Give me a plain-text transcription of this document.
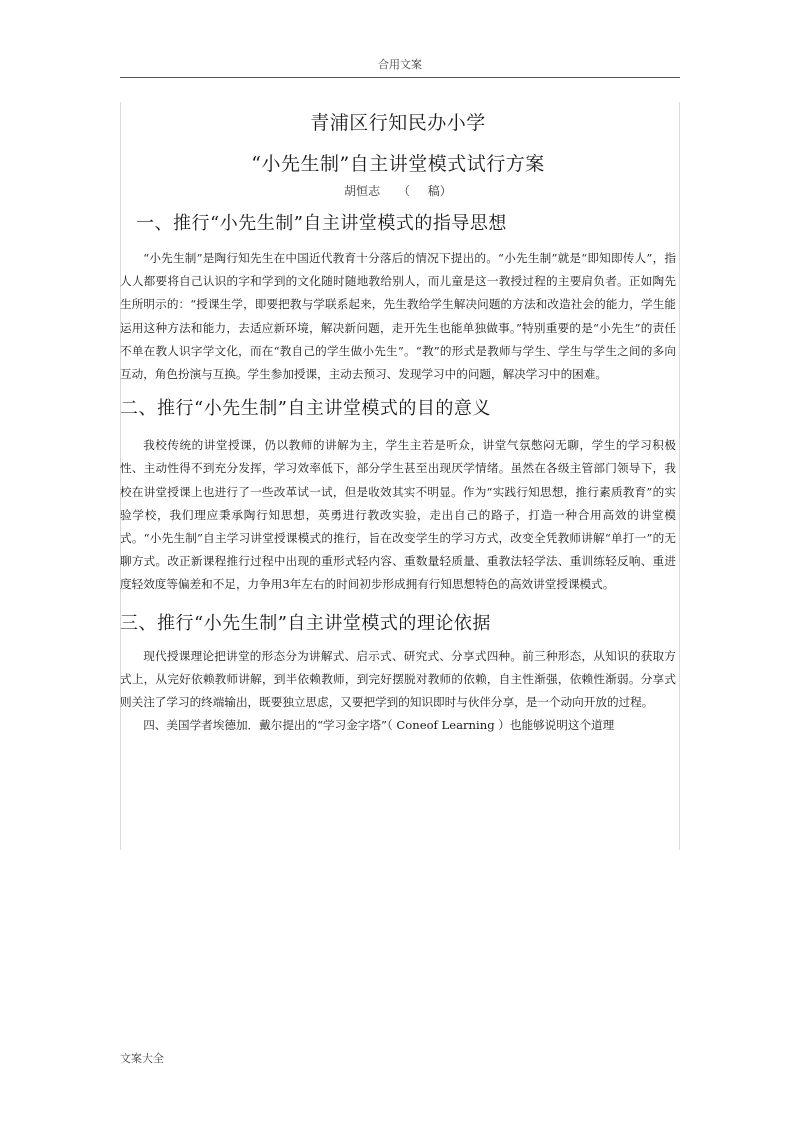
合用文案
青浦区行知民办小学
“小先生制”自主讲堂模式试行方案
胡恒志 （ 稿）
一、推行“小先生制”自主讲堂模式的指导思想

“小先生制”是陶行知先生在中国近代教育十分落后的情况下提出的。“小先生制”就是“即知即传人”，指人人都要将自己认识的字和学到的文化随时随地教给别人，而儿童是这一教授过程的主要肩负者。正如陶先生所明示的：“授课生学，即要把教与学联系起来，先生教给学生解决问题的方法和改造社会的能力，学生能运用这种方法和能力，去适应新环境，解决新问题，走开先生也能单独做事。”特别重要的是“小先生”的责任不单在教人识字学文化，而在“教自己的学生做小先生”。“教”的形式是教师与学生、学生与学生之间的多向互动，角色扮演与互换。学生参加授课，主动去预习、发现学习中的问题，解决学习中的困难。

二、推行“小先生制”自主讲堂模式的目的意义

我校传统的讲堂授课，仍以教师的讲解为主，学生主若是听众，讲堂气氛憋闷无聊，学生的学习积极性、主动性得不到充分发挥，学习效率低下，部分学生甚至出现厌学情绪。虽然在各级主管部门领导下，我校在讲堂授课上也进行了一些改革试一试，但是收效其实不明显。作为“实践行知思想，推行素质教育”的实验学校，我们理应秉承陶行知思想，英勇进行教改实验，走出自己的路子，打造一种合用高效的讲堂模式。“小先生制”自主学习讲堂授课模式的推行，旨在改变学生的学习方式，改变全凭教师讲解“单打一”的无聊方式。改正新课程推行过程中出现的重形式轻内容、重数量轻质量、重教法轻学法、重训练轻反响、重进度轻效度等偏差和不足，力争用3年左右的时间初步形成拥有行知思想特色的高效讲堂授课模式。

三、推行“小先生制”自主讲堂模式的理论依据

现代授课理论把讲堂的形态分为讲解式、启示式、研究式、分享式四种。前三种形态，从知识的获取方式上，从完好依赖教师讲解，到半依赖教师，到完好摆脱对教师的依赖，自主性渐强，依赖性渐弱。分享式则关注了学习的终端输出，既要独立思虑，又要把学到的知识即时与伙伴分享，是一个动向开放的过程。

四、美国学者埃德加．戴尔提出的“学习金字塔”（ Coneof Learning ）也能够说明这个道理

文案大全
